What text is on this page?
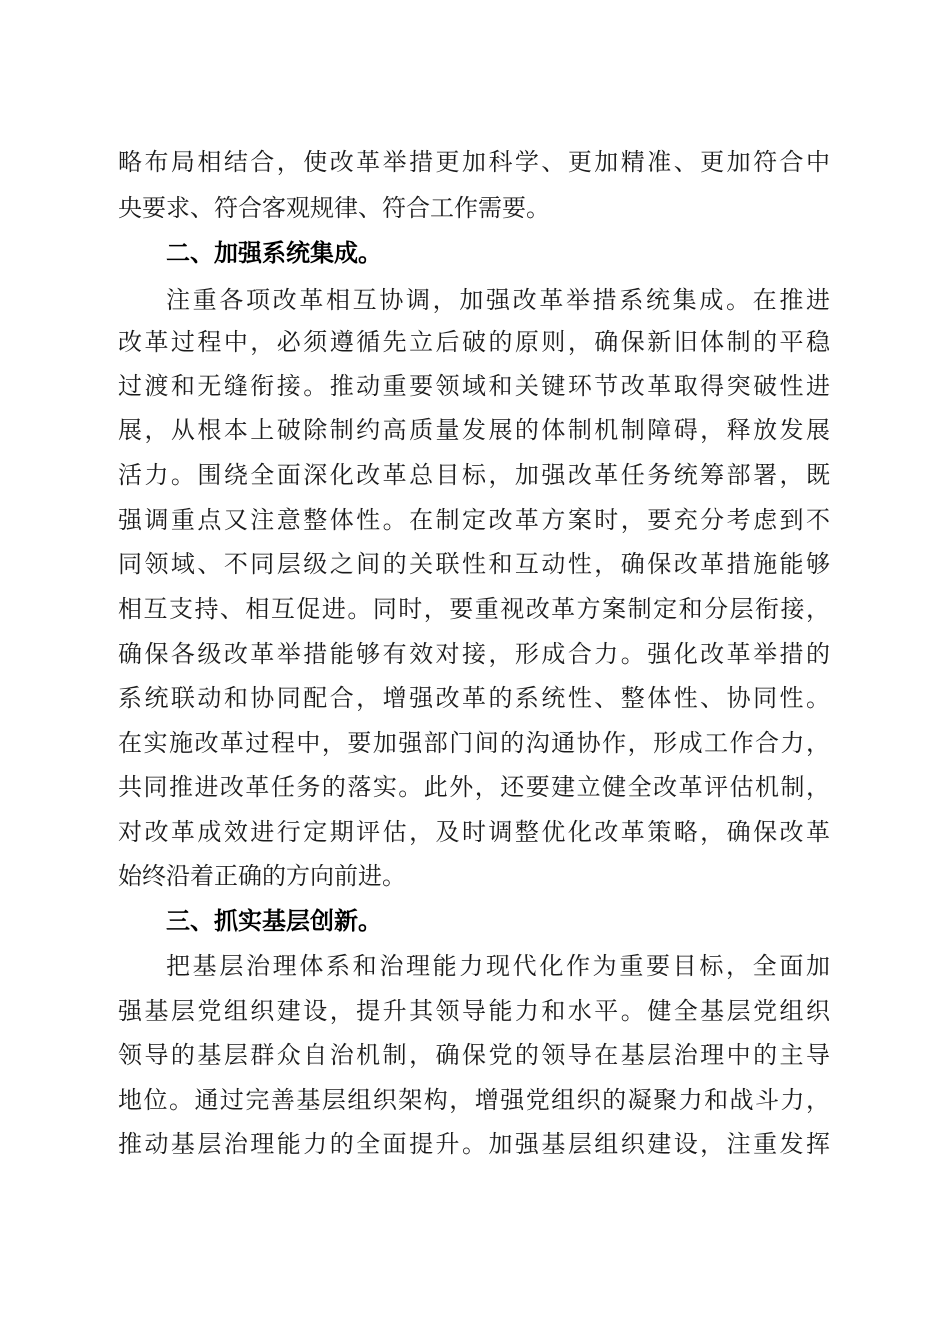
略布局相结合，使改革举措更加科学、更加精准、更加符合中
央要求、符合客观规律、符合工作需要。
二、加强系统集成。
注重各项改革相互协调，加强改革举措系统集成。在推进
改革过程中，必须遵循先立后破的原则，确保新旧体制的平稳
过渡和无缝衔接。推动重要领域和关键环节改革取得突破性进
展，从根本上破除制约高质量发展的体制机制障碍，释放发展
活力。围绕全面深化改革总目标，加强改革任务统筹部署，既
强调重点又注意整体性。在制定改革方案时，要充分考虑到不
同领域、不同层级之间的关联性和互动性，确保改革措施能够
相互支持、相互促进。同时，要重视改革方案制定和分层衔接，
确保各级改革举措能够有效对接，形成合力。强化改革举措的
系统联动和协同配合，增强改革的系统性、整体性、协同性。
在实施改革过程中，要加强部门间的沟通协作，形成工作合力，
共同推进改革任务的落实。此外，还要建立健全改革评估机制，
对改革成效进行定期评估，及时调整优化改革策略，确保改革
始终沿着正确的方向前进。
三、抓实基层创新。
把基层治理体系和治理能力现代化作为重要目标，全面加
强基层党组织建设，提升其领导能力和水平。健全基层党组织
领导的基层群众自治机制，确保党的领导在基层治理中的主导
地位。通过完善基层组织架构，增强党组织的凝聚力和战斗力，
推动基层治理能力的全面提升。加强基层组织建设，注重发挥
